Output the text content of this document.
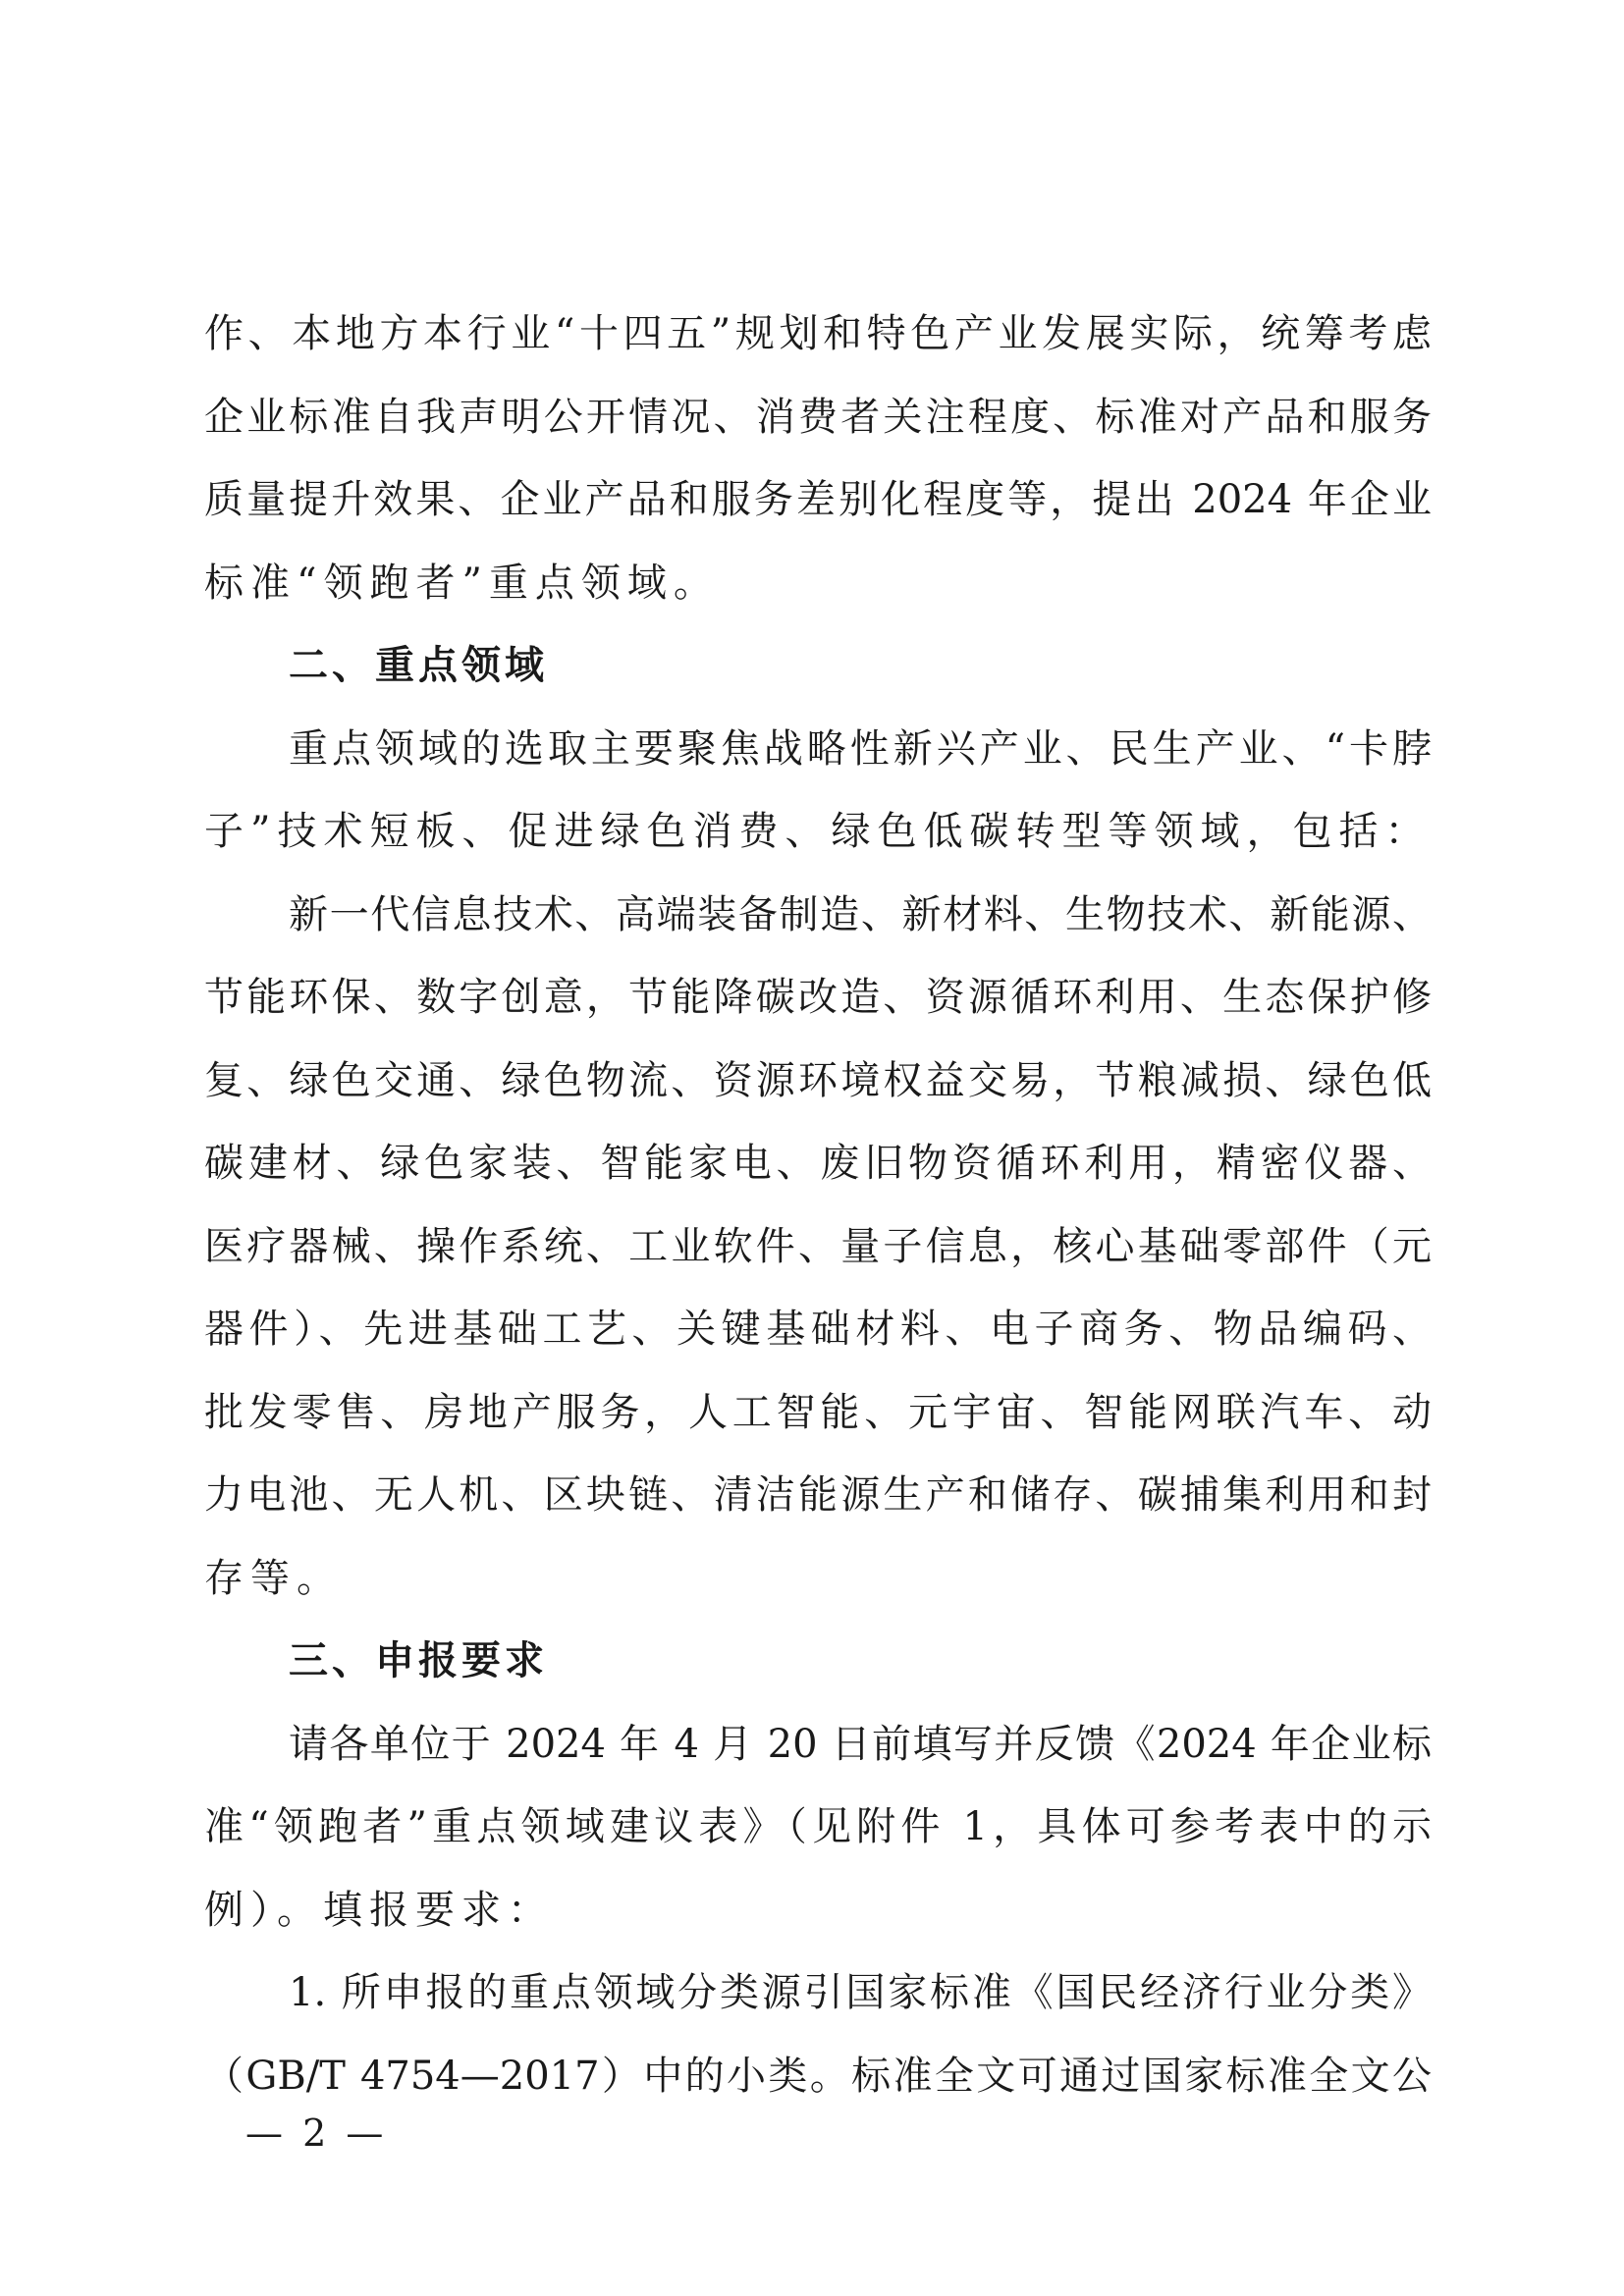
作、本地方本行业“十四五”规划和特色产业发展实际，统筹考虑
企业标准自我声明公开情况、消费者关注程度、标准对产品和服务
质量提升效果、企业产品和服务差别化程度等，提出 2024 年企业
标准“领跑者”重点领域。
二、重点领域
重点领域的选取主要聚焦战略性新兴产业、民生产业、“卡脖
子”技术短板、促进绿色消费、绿色低碳转型等领域，包括：
新一代信息技术、高端装备制造、新材料、生物技术、新能源、
节能环保、数字创意，节能降碳改造、资源循环利用、生态保护修
复、绿色交通、绿色物流、资源环境权益交易，节粮减损、绿色低
碳建材、绿色家装、智能家电、废旧物资循环利用，精密仪器、
医疗器械、操作系统、工业软件、量子信息，核心基础零部件（元
器件）、先进基础工艺、关键基础材料、电子商务、物品编码、
批发零售、房地产服务，人工智能、元宇宙、智能网联汽车、动
力电池、无人机、区块链、清洁能源生产和储存、碳捕集利用和封
存等。
三、申报要求
请各单位于 2024 年 4 月 20 日前填写并反馈《2024 年企业标
准“领跑者”重点领域建议表》（见附件 1，具体可参考表中的示
例）。填报要求：
1. 所申报的重点领域分类源引国家标准《国民经济行业分类》
（GB/T 4754—2017）中的小类。标准全文可通过国家标准全文公
— 2 —
